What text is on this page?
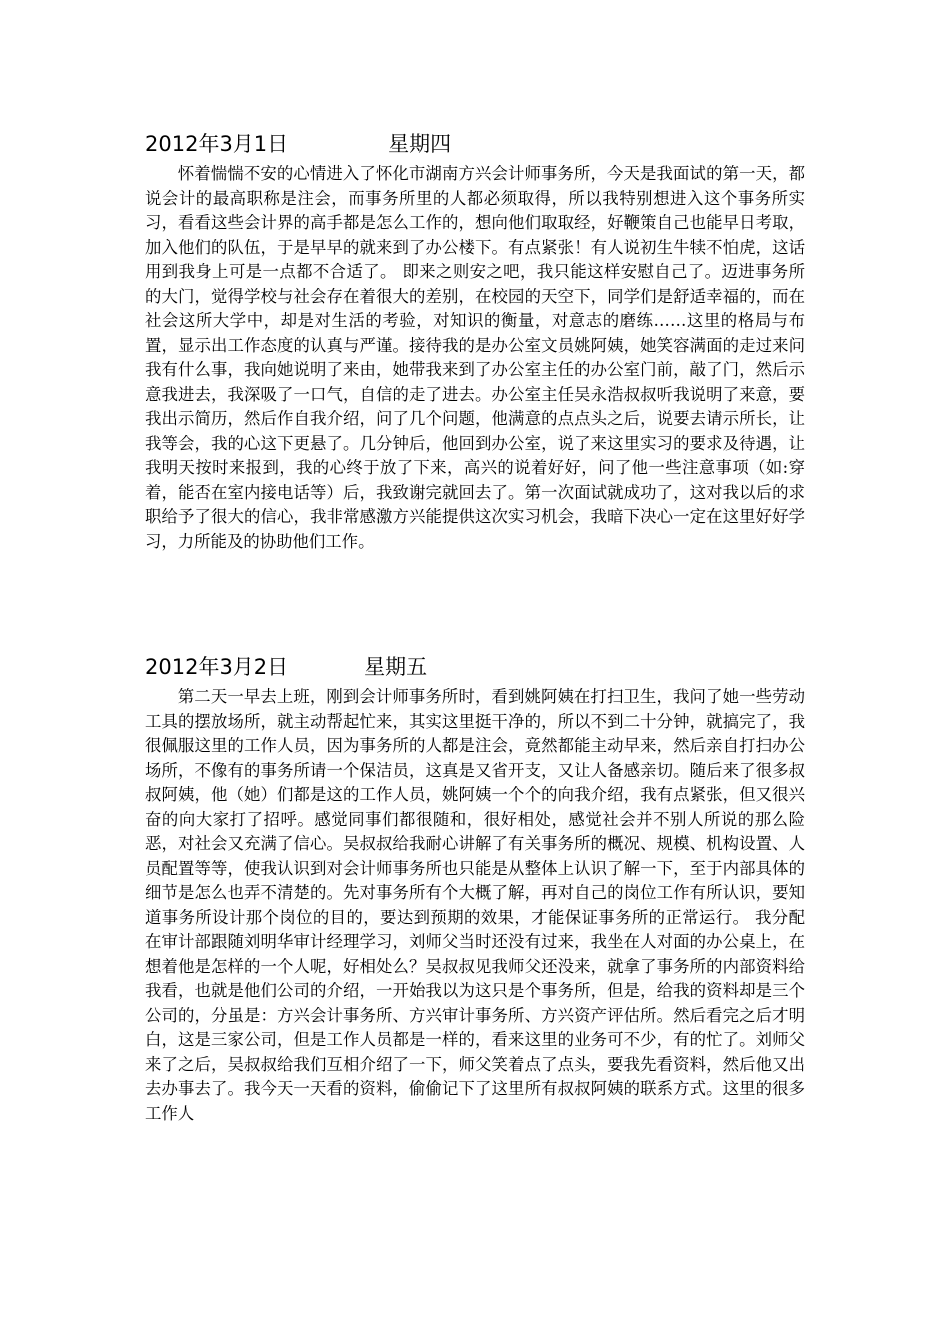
2012年3月1日	星期四

怀着惴惴不安的心情进入了怀化市湖南方兴会计师事务所，今天是我面试的第一天，都说会计的最高职称是注会，而事务所里的人都必须取得，所以我特别想进入这个事务所实习，看看这些会计界的高手都是怎么工作的，想向他们取取经，好鞭策自己也能早日考取，加入他们的队伍，于是早早的就来到了办公楼下。有点紧张！有人说初生牛犊不怕虎，这话用到我身上可是一点都不合适了。 即来之则安之吧，我只能这样安慰自己了。迈进事务所的大门，觉得学校与社会存在着很大的差别，在校园的天空下，同学们是舒适幸福的，而在社会这所大学中，却是对生活的考验，对知识的衡量，对意志的磨练……这里的格局与布置，显示出工作态度的认真与严谨。接待我的是办公室文员姚阿姨，她笑容满面的走过来问我有什么事，我向她说明了来由，她带我来到了办公室主任的办公室门前，敲了门，然后示意我进去，我深吸了一口气，自信的走了进去。办公室主任吴永浩叔叔听我说明了来意，要我出示简历，然后作自我介绍，问了几个问题，他满意的点点头之后，说要去请示所长，让我等会，我的心这下更悬了。几分钟后，他回到办公室，说了来这里实习的要求及待遇，让我明天按时来报到，我的心终于放了下来，高兴的说着好好，问了他一些注意事项（如:穿着，能否在室内接电话等）后，我致谢完就回去了。第一次面试就成功了，这对我以后的求职给予了很大的信心，我非常感激方兴能提供这次实习机会，我暗下决心一定在这里好好学习，力所能及的协助他们工作。

2012年3月2日	星期五

第二天一早去上班，刚到会计师事务所时，看到姚阿姨在打扫卫生，我问了她一些劳动工具的摆放场所，就主动帮起忙来，其实这里挺干净的，所以不到二十分钟，就搞完了，我很佩服这里的工作人员，因为事务所的人都是注会，竟然都能主动早来，然后亲自打扫办公场所，不像有的事务所请一个保洁员，这真是又省开支，又让人备感亲切。随后来了很多叔叔阿姨，他（她）们都是这的工作人员，姚阿姨一个个的向我介绍，我有点紧张，但又很兴奋的向大家打了招呼。感觉同事们都很随和，很好相处，感觉社会并不别人所说的那么险恶，对社会又充满了信心。吴叔叔给我耐心讲解了有关事务所的概况、规模、机构设置、人员配置等等，使我认识到对会计师事务所也只能是从整体上认识了解一下，至于内部具体的细节是怎么也弄不清楚的。先对事务所有个大概了解，再对自己的岗位工作有所认识，要知道事务所设计那个岗位的目的，要达到预期的效果，才能保证事务所的正常运行。 我分配在审计部跟随刘明华审计经理学习，刘师父当时还没有过来，我坐在人对面的办公桌上，在想着他是怎样的一个人呢，好相处么？吴叔叔见我师父还没来，就拿了事务所的内部资料给我看，也就是他们公司的介绍，一开始我以为这只是个事务所，但是，给我的资料却是三个公司的，分虽是：方兴会计事务所、方兴审计事务所、方兴资产评估所。然后看完之后才明白，这是三家公司，但是工作人员都是一样的，看来这里的业务可不少，有的忙了。刘师父来了之后，吴叔叔给我们互相介绍了一下，师父笑着点了点头，要我先看资料，然后他又出去办事去了。我今天一天看的资料，偷偷记下了这里所有叔叔阿姨的联系方式。这里的很多工作人
